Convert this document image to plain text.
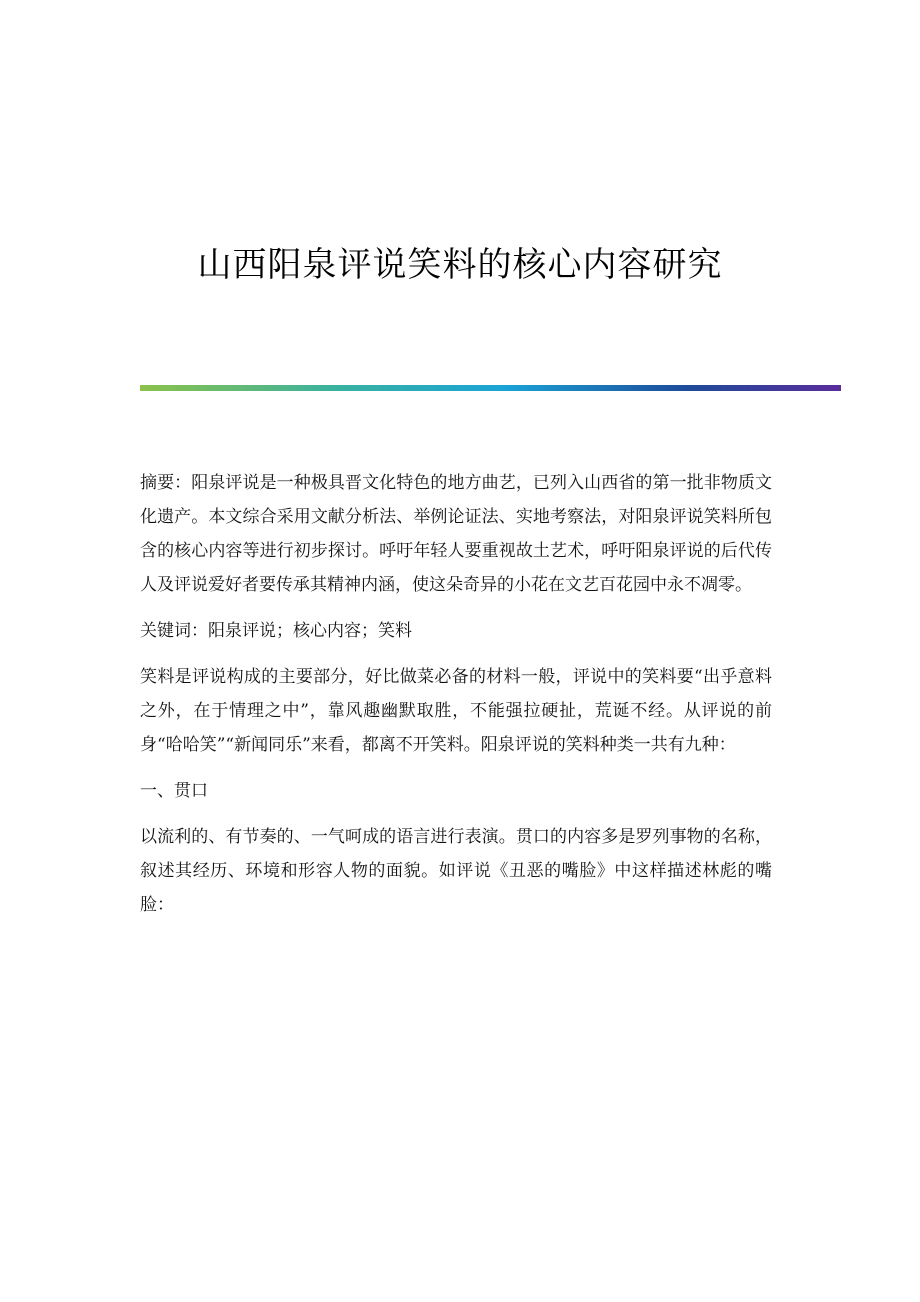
山西阳泉评说笑料的核心内容研究

摘要：阳泉评说是一种极具晋文化特色的地方曲艺，已列入山西省的第一批非物质文化遗产。本文综合采用文献分析法、举例论证法、实地考察法，对阳泉评说笑料所包含的核心内容等进行初步探讨。呼吁年轻人要重视故土艺术，呼吁阳泉评说的后代传人及评说爱好者要传承其精神内涵，使这朵奇异的小花在文艺百花园中永不凋零。

关键词：阳泉评说；核心内容；笑料

笑料是评说构成的主要部分，好比做菜必备的材料一般，评说中的笑料要“出乎意料之外，在于情理之中”，靠风趣幽默取胜，不能强拉硬扯，荒诞不经。从评说的前身“哈哈笑”“新闻同乐”来看，都离不开笑料。阳泉评说的笑料种类一共有九种：

一、贯口

以流利的、有节奏的、一气呵成的语言进行表演。贯口的内容多是罗列事物的名称，叙述其经历、环境和形容人物的面貌。如评说《丑恶的嘴脸》中这样描述林彪的嘴脸：
